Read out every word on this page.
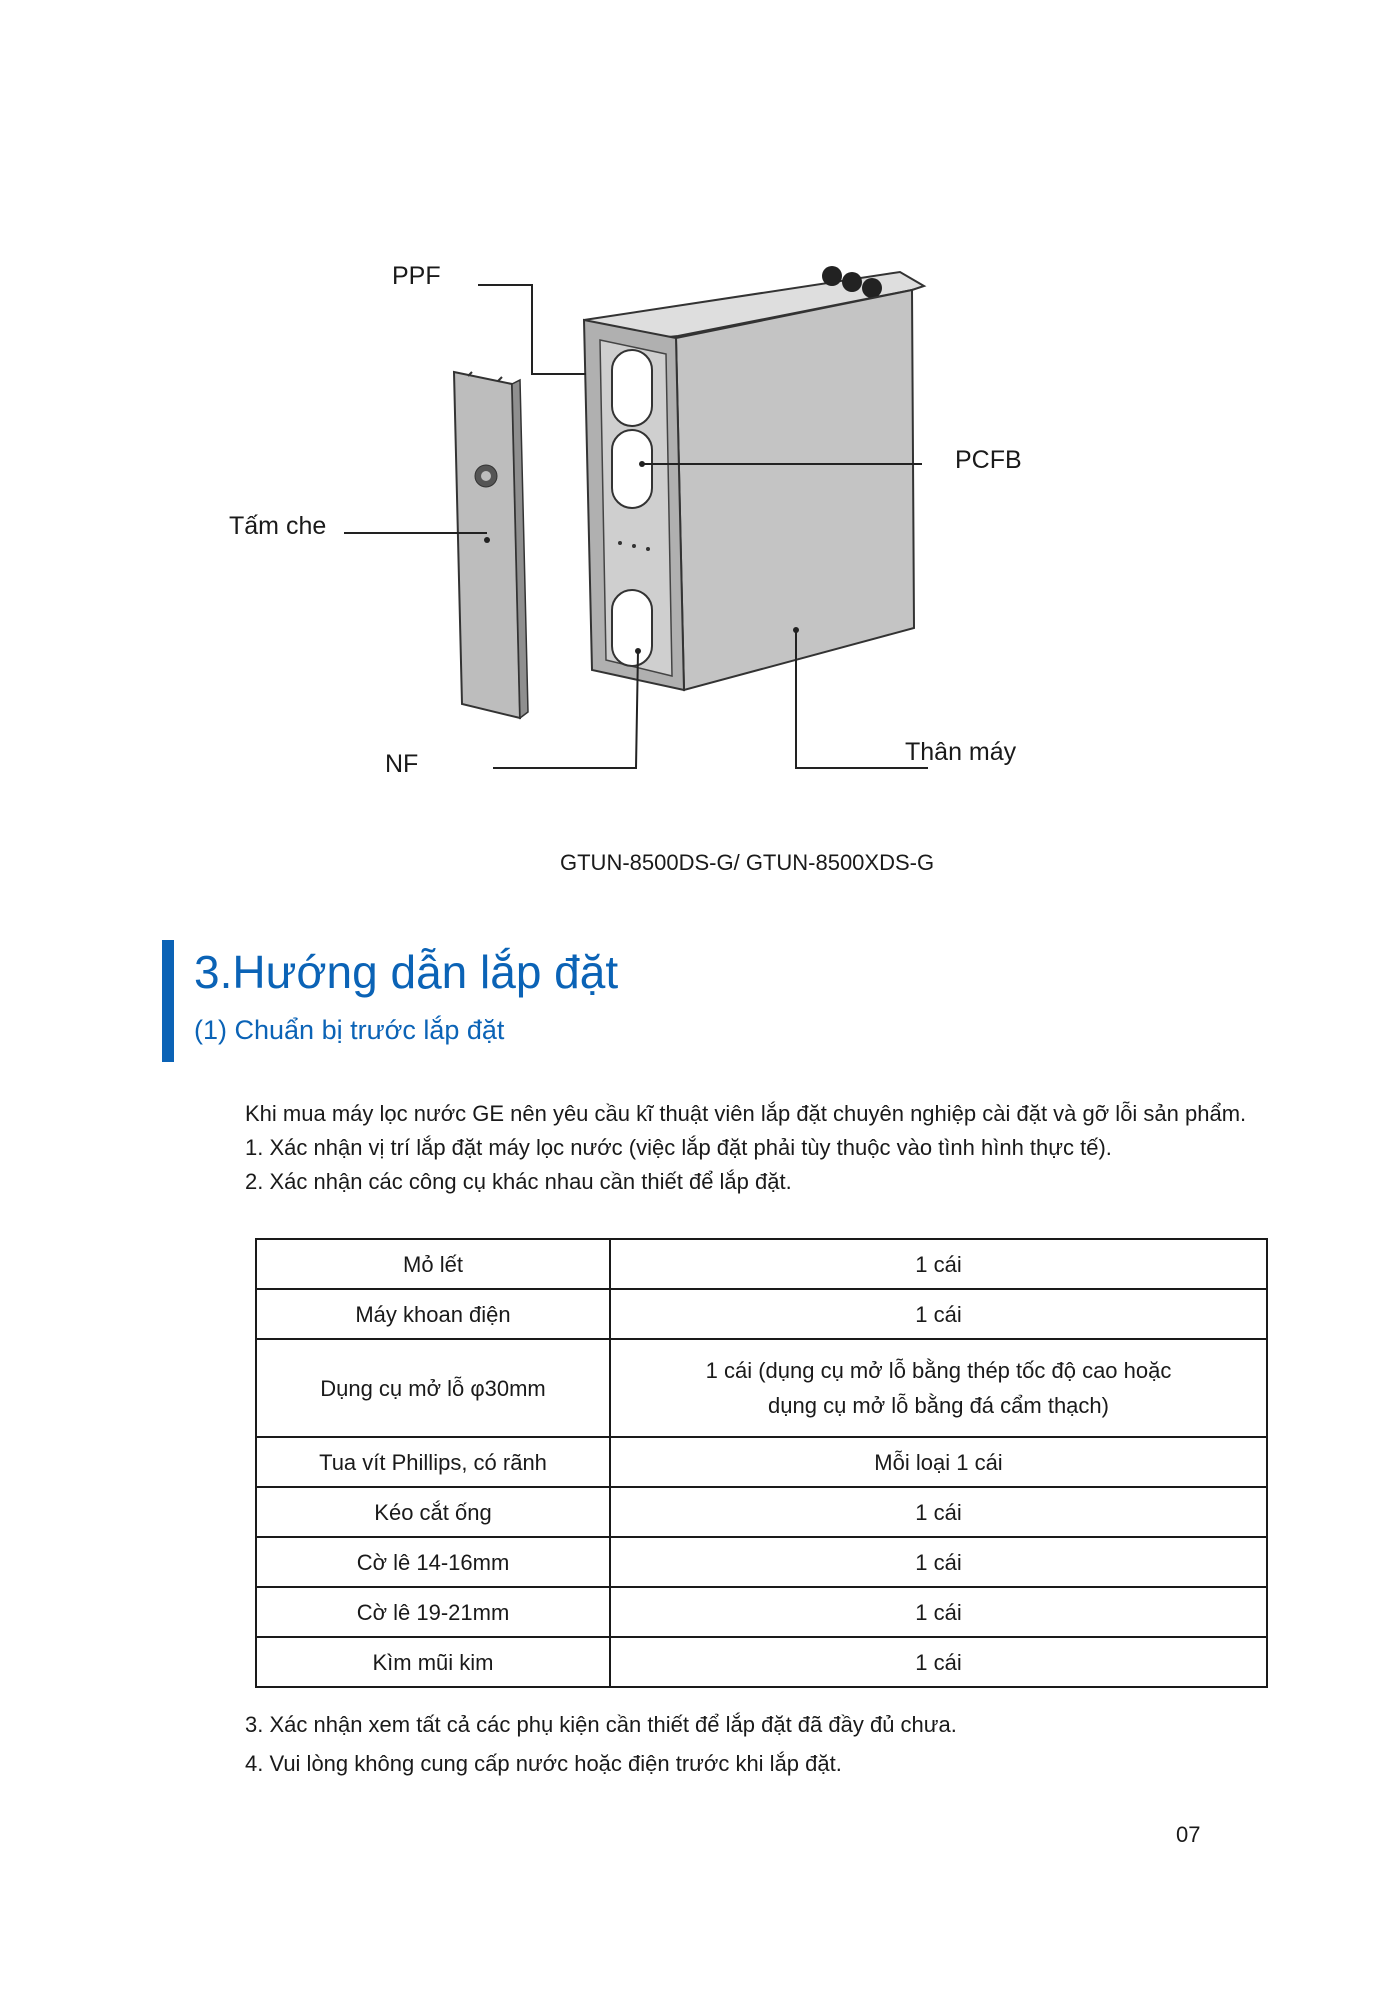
PPF
PCFB
Tấm che
NF	Thân máy
GTUN-8500DS-G/ GTUN-8500XDS-G
3.Hướng dẫn lắp đặt
(1) Chuẩn bị trước lắp đặt
Khi mua máy lọc nước GE nên yêu cầu kĩ thuật viên lắp đặt chuyên nghiệp cài đặt và gỡ lỗi sản phẩm.
1. Xác nhận vị trí lắp đặt máy lọc nước (việc lắp đặt phải tùy thuộc vào tình hình thực tế).
2. Xác nhận các công cụ khác nhau cần thiết để lắp đặt.
Mỏ lết	1 cái
Máy khoan điện	1 cái
Dụng cụ mở lỗ φ30mm	1 cái (dụng cụ mở lỗ bằng thép tốc độ cao hoặc
dụng cụ mở lỗ bằng đá cẩm thạch)

Tua vít Phillips, có rãnh	Mỗi loại 1 cái
Kéo cắt ống	1 cái
Cờ lê 14-16mm	1 cái
Cờ lê 19-21mm	1 cái
Kìm mũi kim	1 cái
3. Xác nhận xem tất cả các phụ kiện cần thiết để lắp đặt đã đầy đủ chưa.
4. Vui lòng không cung cấp nước hoặc điện trước khi lắp đặt.
07
